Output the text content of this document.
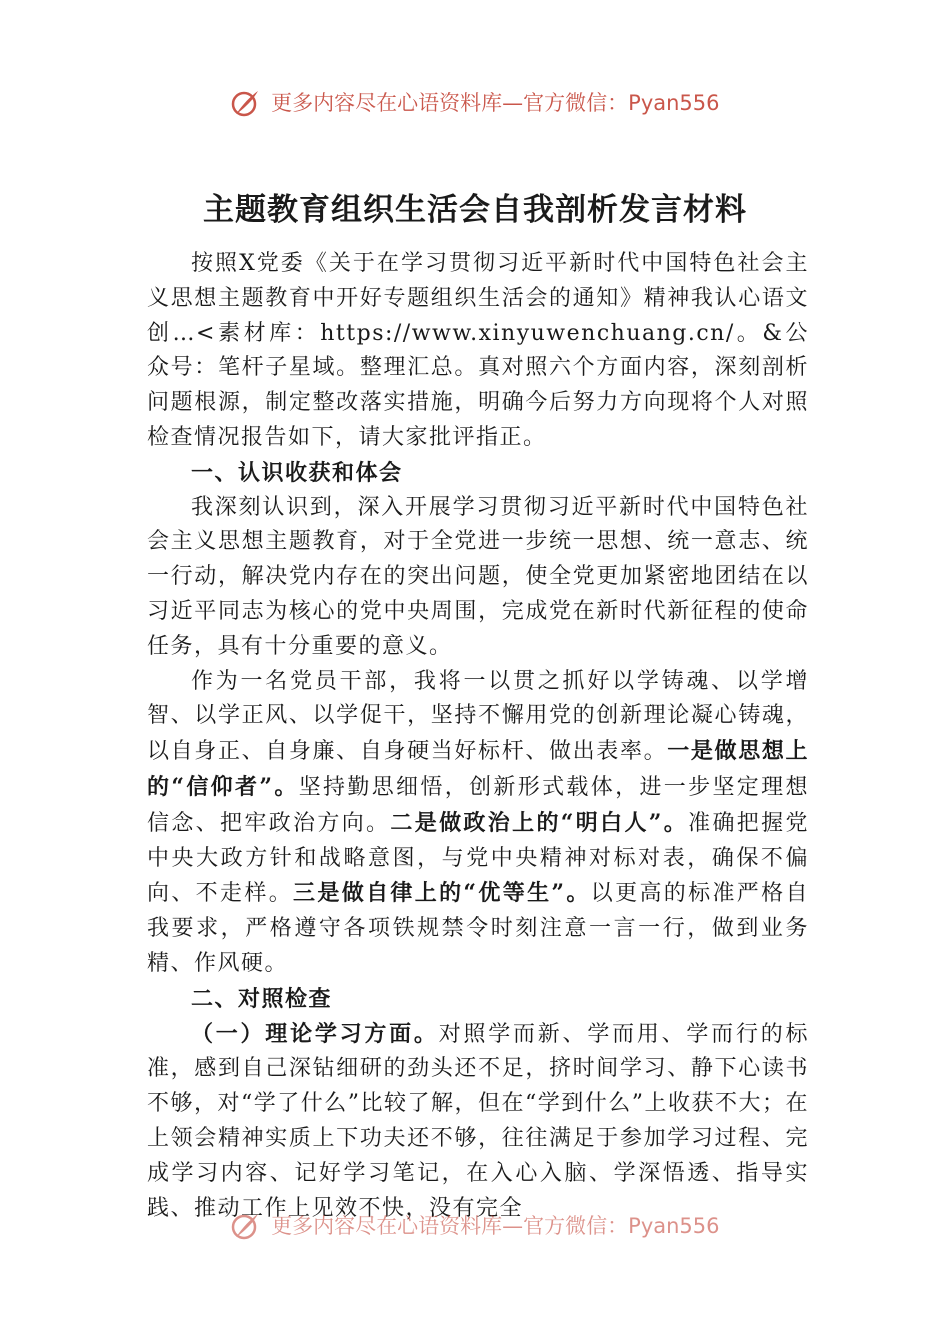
更多内容尽在心语资料库—官方微信：Pyan556
主题教育组织生活会自我剖析发言材料

按照X党委《关于在学习贯彻习近平新时代中国特色社会主义思想主题教育中开好专题组织生活会的通知》精神我认心语文创…<素材库：https://www.xinyuwenchuang.cn/。&公众号：笔杆子星域。整理汇总。真对照六个方面内容，深刻剖析问题根源，制定整改落实措施，明确今后努力方向现将个人对照检查情况报告如下，请大家批评指正。

一、认识收获和体会

我深刻认识到，深入开展学习贯彻习近平新时代中国特色社会主义思想主题教育，对于全党进一步统一思想、统一意志、统一行动，解决党内存在的突出问题，使全党更加紧密地团结在以习近平同志为核心的党中央周围，完成党在新时代新征程的使命任务，具有十分重要的意义。

作为一名党员干部，我将一以贯之抓好以学铸魂、以学增智、以学正风、以学促干，坚持不懈用党的创新理论凝心铸魂，以自身正、自身廉、自身硬当好标杆、做出表率。一是做思想上的“信仰者”。坚持勤思细悟，创新形式载体，进一步坚定理想信念、把牢政治方向。二是做政治上的“明白人”。准确把握党中央大政方针和战略意图，与党中央精神对标对表，确保不偏向、不走样。三是做自律上的“优等生”。以更高的标准严格自我要求，严格遵守各项铁规禁令时刻注意一言一行，做到业务精、作风硬。

二、对照检查

（一）理论学习方面。对照学而新、学而用、学而行的标准，感到自己深钻细研的劲头还不足，挤时间学习、静下心读书不够，对“学了什么”比较了解，但在“学到什么”上收获不大；在上领会精神实质上下功夫还不够，往往满足于参加学习过程、完成学习内容、记好学习笔记，在入心入脑、学深悟透、指导实践、推动工作上见效不快，没有完全

更多内容尽在心语资料库—官方微信：Pyan556
